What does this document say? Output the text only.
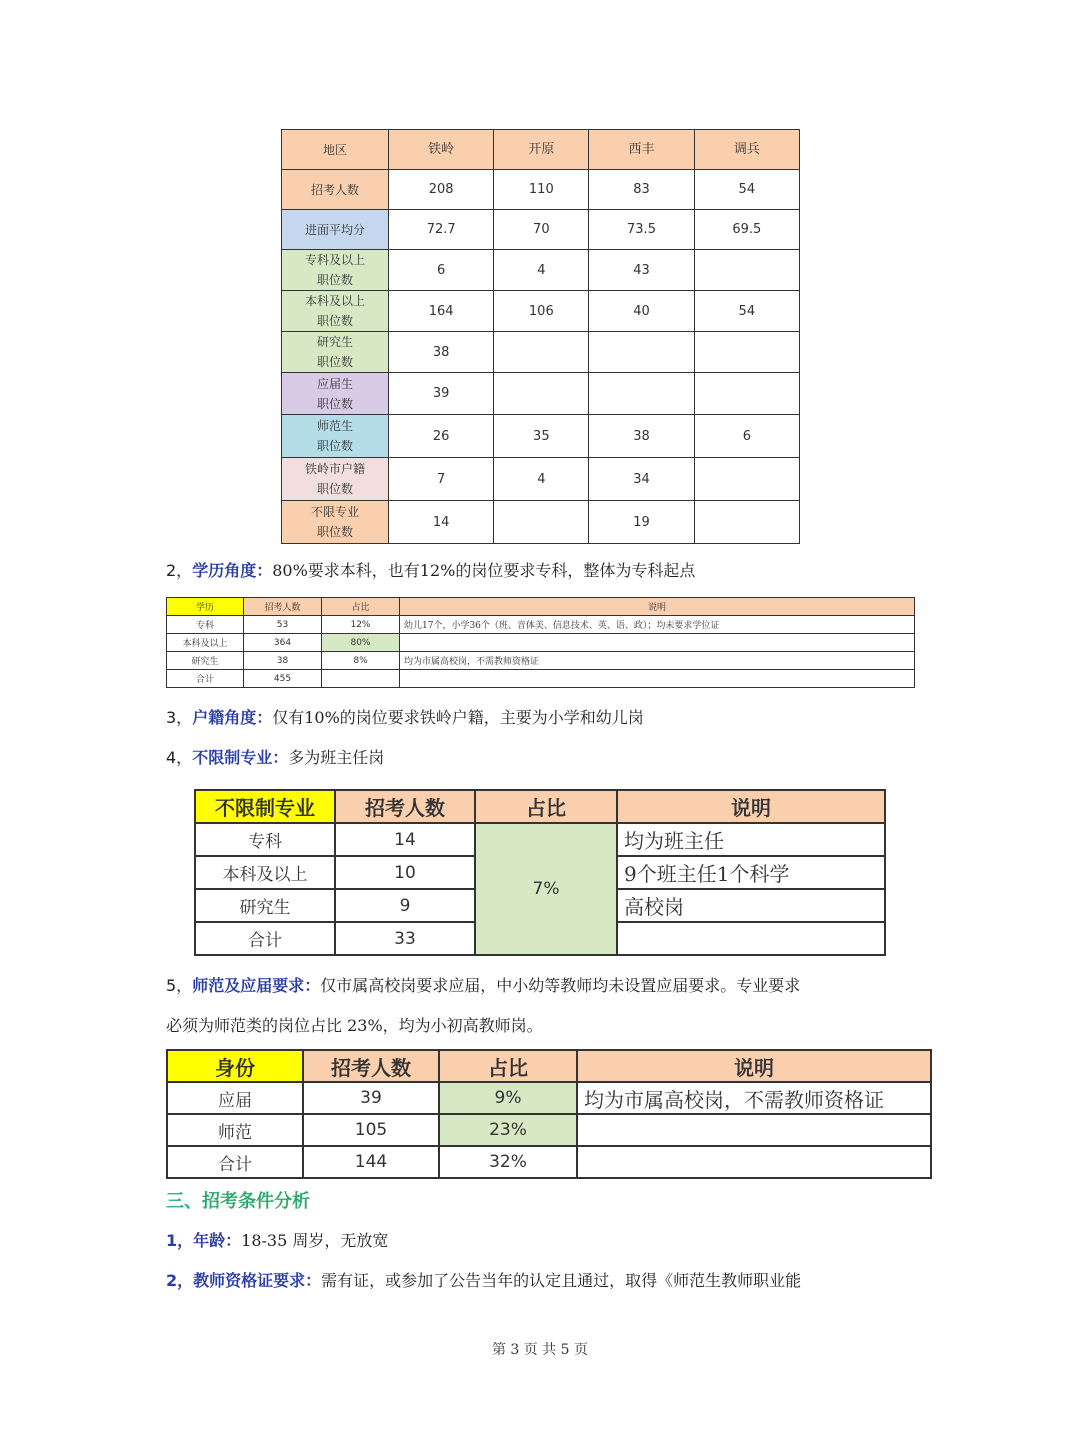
地区	铁岭	开原	西丰	调兵
招考人数	208	110	83	54
进面平均分	72.7	70	73.5	69.5
专科及以上
职位数	6	4	43	
本科及以上
职位数	164	106	40	54
研究生
职位数	38			
应届生
职位数	39			
师范生
职位数	26	35	38	6
铁岭市户籍
职位数	7	4	34	
不限专业
职位数	14		19	
2，学历角度：80%要求本科，也有12%的岗位要求专科，整体为专科起点
学历	招考人数	占比	说明
专科	53	12%	幼儿17个，小学36个（班、音体美、信息技术、英、语、政）；均未要求学位证
本科及以上	364	80%	
研究生	38	8%	均为市属高校岗，不需教师资格证
合计	455		
3，户籍角度：仅有10%的岗位要求铁岭户籍，主要为小学和幼儿岗
4，不限制专业：多为班主任岗
不限制专业	招考人数	占比	说明
专科	14	7%	均为班主任
本科及以上	10		9个班主任1个科学
研究生	9		高校岗
合计	33		
5，师范及应届要求：仅市属高校岗要求应届，中小幼等教师均未设置应届要求。专业要求
必须为师范类的岗位占比 23%，均为小初高教师岗。
身份	招考人数	占比	说明
应届	39	9%	均为市属高校岗，不需教师资格证
师范	105	23%	
合计	144	32%	
三、招考条件分析
1，年龄：18-35 周岁，无放宽
2，教师资格证要求：需有证，或参加了公告当年的认定且通过，取得《师范生教师职业能
第 3 页 共 5 页
